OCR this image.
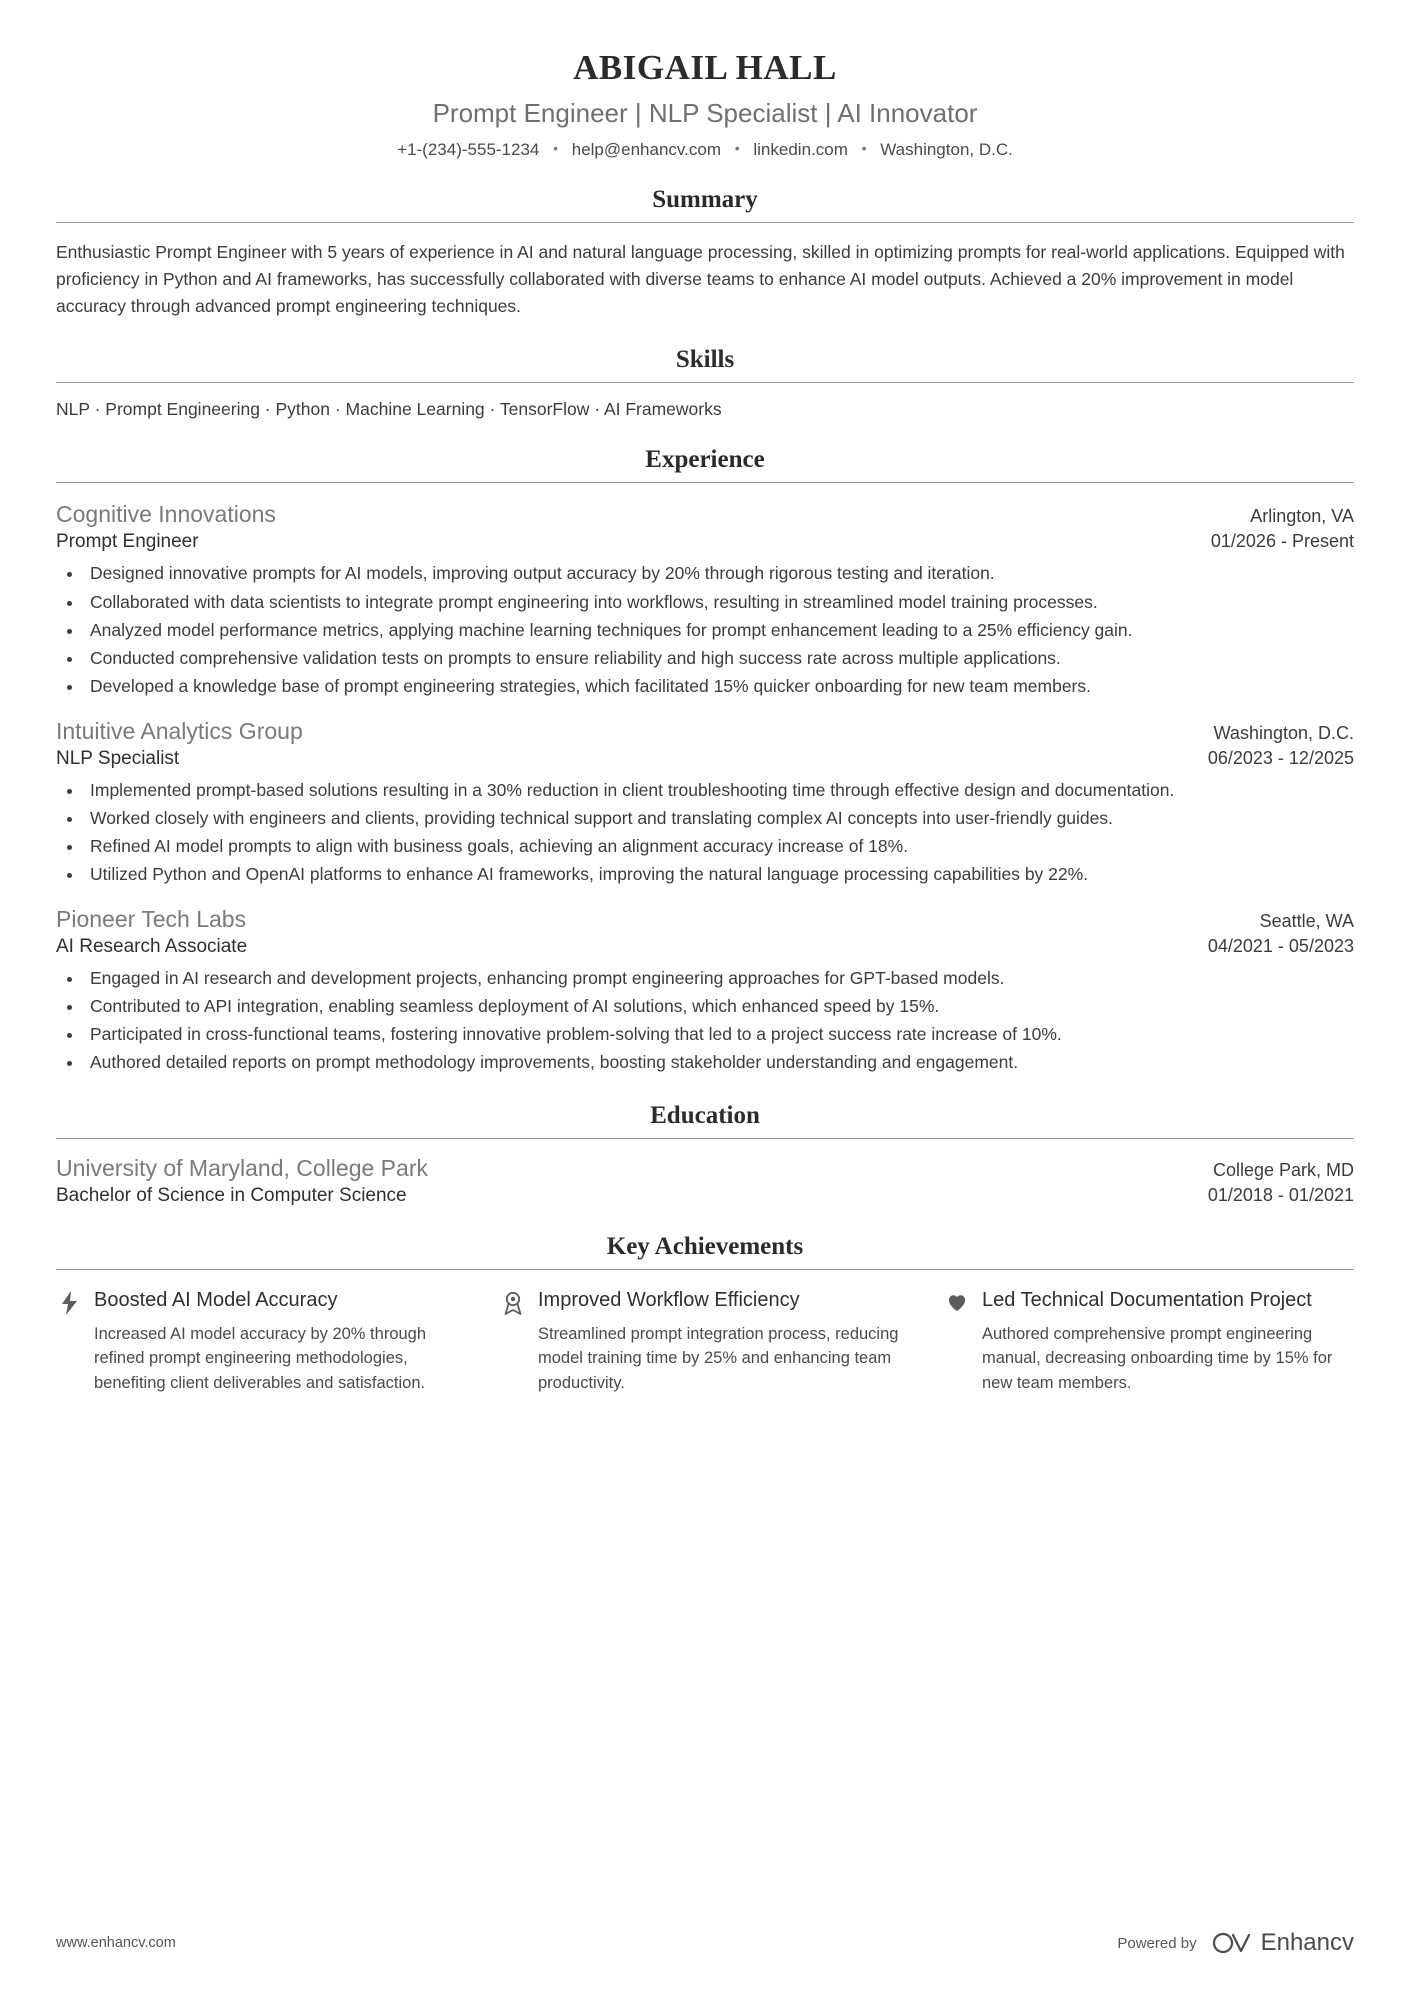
ABIGAIL HALL
Prompt Engineer | NLP Specialist | AI Innovator
+1-(234)-555-1234 • help@enhancv.com • linkedin.com • Washington, D.C.
Summary
Enthusiastic Prompt Engineer with 5 years of experience in AI and natural language processing, skilled in optimizing prompts for real-world applications. Equipped with proficiency in Python and AI frameworks, has successfully collaborated with diverse teams to enhance AI model outputs. Achieved a 20% improvement in model accuracy through advanced prompt engineering techniques.
Skills
NLP · Prompt Engineering · Python · Machine Learning · TensorFlow · AI Frameworks
Experience
Cognitive Innovations	Arlington, VA
Prompt Engineer	01/2026 - Present
• Designed innovative prompts for AI models, improving output accuracy by 20% through rigorous testing and iteration.
• Collaborated with data scientists to integrate prompt engineering into workflows, resulting in streamlined model training processes.
• Analyzed model performance metrics, applying machine learning techniques for prompt enhancement leading to a 25% efficiency gain.
• Conducted comprehensive validation tests on prompts to ensure reliability and high success rate across multiple applications.
• Developed a knowledge base of prompt engineering strategies, which facilitated 15% quicker onboarding for new team members.
Intuitive Analytics Group	Washington, D.C.
NLP Specialist	06/2023 - 12/2025
• Implemented prompt-based solutions resulting in a 30% reduction in client troubleshooting time through effective design and documentation.
• Worked closely with engineers and clients, providing technical support and translating complex AI concepts into user-friendly guides.
• Refined AI model prompts to align with business goals, achieving an alignment accuracy increase of 18%.
• Utilized Python and OpenAI platforms to enhance AI frameworks, improving the natural language processing capabilities by 22%.
Pioneer Tech Labs	Seattle, WA
AI Research Associate	04/2021 - 05/2023
• Engaged in AI research and development projects, enhancing prompt engineering approaches for GPT-based models.
• Contributed to API integration, enabling seamless deployment of AI solutions, which enhanced speed by 15%.
• Participated in cross-functional teams, fostering innovative problem-solving that led to a project success rate increase of 10%.
• Authored detailed reports on prompt methodology improvements, boosting stakeholder understanding and engagement.
Education
University of Maryland, College Park	College Park, MD
Bachelor of Science in Computer Science	01/2018 - 01/2021
Key Achievements
Boosted AI Model Accuracy
Increased AI model accuracy by 20% through refined prompt engineering methodologies, benefiting client deliverables and satisfaction.
Improved Workflow Efficiency
Streamlined prompt integration process, reducing model training time by 25% and enhancing team productivity.
Led Technical Documentation Project
Authored comprehensive prompt engineering manual, decreasing onboarding time by 15% for new team members.
www.enhancv.com	Powered by	Enhancv
